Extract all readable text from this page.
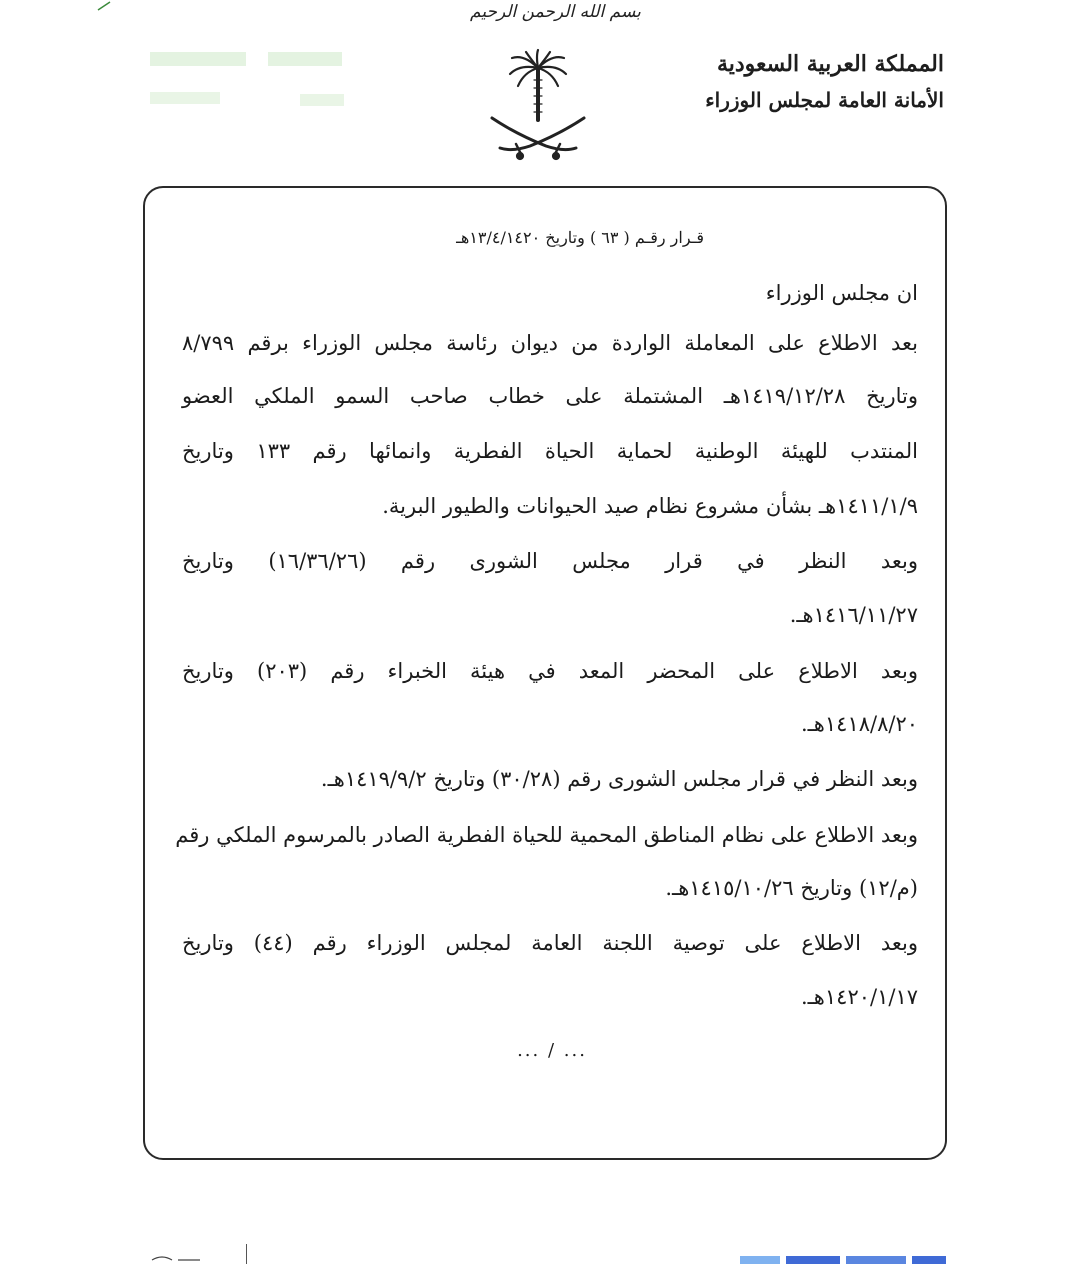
بسم الله الرحمن الرحيم
المملكة العربية السعودية
الأمانة العامة لمجلس الوزراء
قـرار رقـم ( ٦٣ ) وتاريخ ١٣/٤/١٤٢٠هـ
ان مجلس الوزراء
بعد الاطلاع على المعاملة الواردة من ديوان رئاسة مجلس الوزراء برقم ٨/٧٩٩
وتاريخ ١٤١٩/١٢/٢٨هـ المشتملة على خطاب صاحب السمو الملكي العضو
المنتدب للهيئة الوطنية لحماية الحياة الفطرية وانمائها رقم ١٣٣ وتاريخ
١٤١١/١/٩هـ بشأن مشروع نظام صيد الحيوانات والطيور البرية.
وبعد النظر في قرار مجلس الشورى رقم (١٦/٣٦/٢٦) وتاريخ
١٤١٦/١١/٢٧هـ.
وبعد الاطلاع على المحضر المعد في هيئة الخبراء رقم (٢٠٣) وتاريخ
١٤١٨/٨/٢٠هـ.
وبعد النظر في قرار مجلس الشورى رقم (٣٠/٢٨) وتاريخ ١٤١٩/٩/٢هـ.
وبعد الاطلاع على نظام المناطق المحمية للحياة الفطرية الصادر بالمرسوم الملكي رقم
(م/١٢) وتاريخ ١٤١٥/١٠/٢٦هـ.
وبعد الاطلاع على توصية اللجنة العامة لمجلس الوزراء رقم (٤٤) وتاريخ
١٤٢٠/١/١٧هـ.
... / ...
